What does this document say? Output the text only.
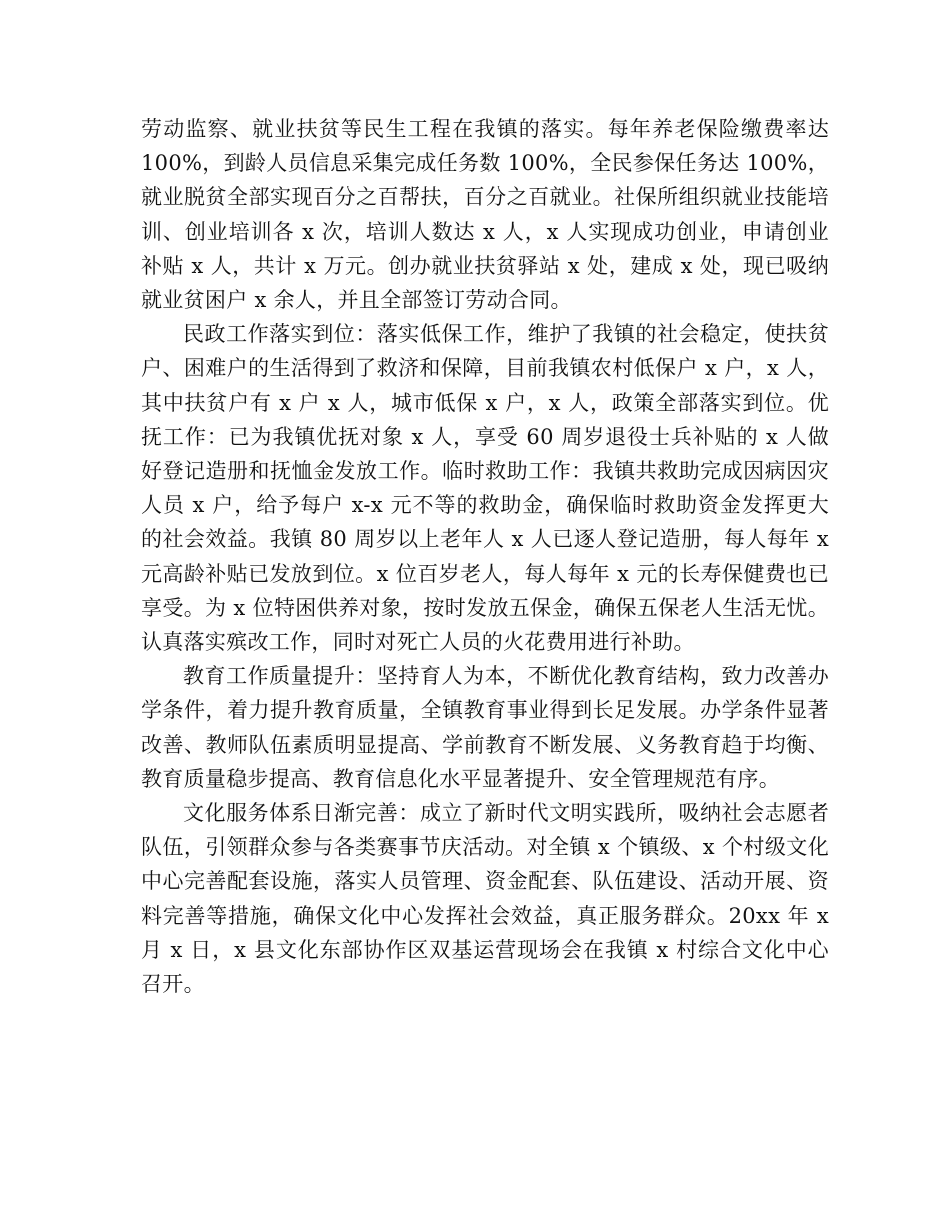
劳动监察、就业扶贫等民生工程在我镇的落实。每年养老保险缴费率达100%，到龄人员信息采集完成任务数 100%，全民参保任务达 100%，就业脱贫全部实现百分之百帮扶，百分之百就业。社保所组织就业技能培训、创业培训各 x 次，培训人数达 x 人，x 人实现成功创业，申请创业补贴 x 人，共计 x 万元。创办就业扶贫驿站 x 处，建成 x 处，现已吸纳就业贫困户 x 余人，并且全部签订劳动合同。

民政工作落实到位：落实低保工作，维护了我镇的社会稳定，使扶贫户、困难户的生活得到了救济和保障，目前我镇农村低保户 x 户，x 人，其中扶贫户有 x 户 x 人，城市低保 x 户，x 人，政策全部落实到位。优抚工作：已为我镇优抚对象 x 人，享受 60 周岁退役士兵补贴的 x 人做好登记造册和抚恤金发放工作。临时救助工作：我镇共救助完成因病因灾人员 x 户，给予每户 x-x 元不等的救助金，确保临时救助资金发挥更大的社会效益。我镇 80 周岁以上老年人 x 人已逐人登记造册，每人每年 x 元高龄补贴已发放到位。x 位百岁老人，每人每年 x 元的长寿保健费也已享受。为 x 位特困供养对象，按时发放五保金，确保五保老人生活无忧。认真落实殡改工作，同时对死亡人员的火花费用进行补助。

教育工作质量提升：坚持育人为本，不断优化教育结构，致力改善办学条件，着力提升教育质量，全镇教育事业得到长足发展。办学条件显著改善、教师队伍素质明显提高、学前教育不断发展、义务教育趋于均衡、教育质量稳步提高、教育信息化水平显著提升、安全管理规范有序。

文化服务体系日渐完善：成立了新时代文明实践所，吸纳社会志愿者队伍，引领群众参与各类赛事节庆活动。对全镇 x 个镇级、x 个村级文化中心完善配套设施，落实人员管理、资金配套、队伍建设、活动开展、资料完善等措施，确保文化中心发挥社会效益，真正服务群众。20xx 年 x 月 x 日，x 县文化东部协作区双基运营现场会在我镇 x 村综合文化中心召开。
